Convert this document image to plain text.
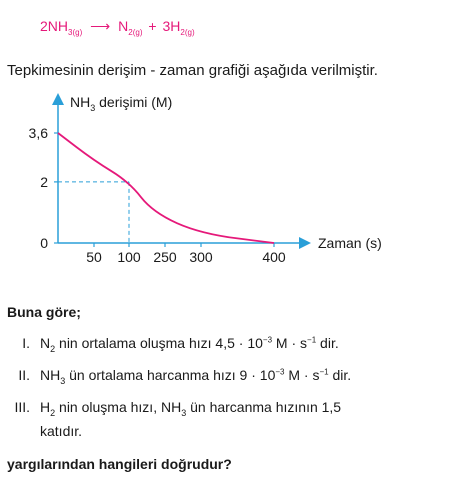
$2NH_{3(g)}$ ⟶ $N_{2(g)} + 3H_{2(g)}$
Tepkimesinin derişim - zaman grafiği aşağıda verilmiştir.
$NH_3$ derişimi (M)
Zaman (s)
3,6
2
0
50 100 250 300	400
Buna göre;
I. $N_2$ nin ortalama oluşma hızı $4,5 \cdot 10^{-3}$ $M \cdot s^{-1}$ dir.
II. $NH_3$ ün ortalama harcanma hızı $9 \cdot 10^{-3}$ $M \cdot s^{-1}$ dir.
III. $H_2$ nin oluşma hızı, $NH_3$ ün harcanma hızının 1,5
katıdır.
yargılarından hangileri doğrudur?
